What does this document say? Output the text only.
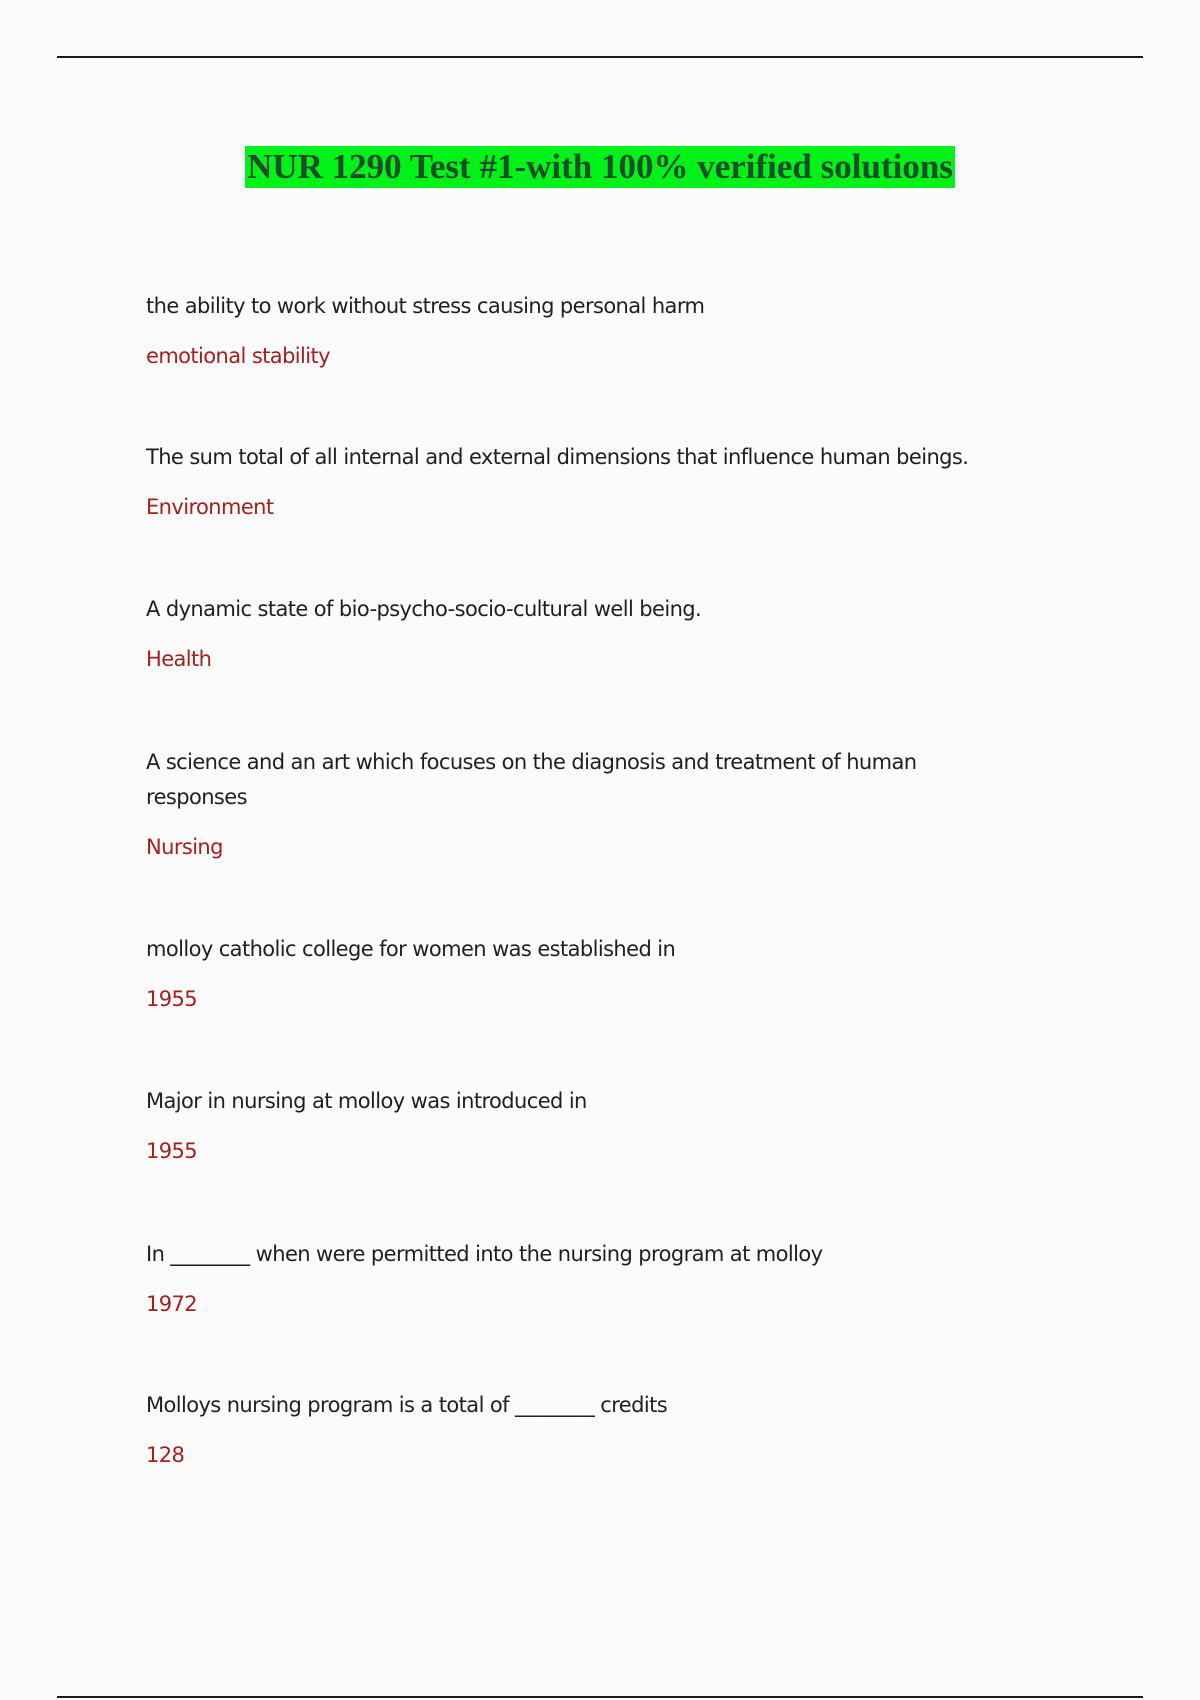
NUR 1290 Test #1-with 100% verified solutions

the ability to work without stress causing personal harm

emotional stability

The sum total of all internal and external dimensions that influence human beings.

Environment

A dynamic state of bio-psycho-socio-cultural well being.

Health

A science and an art which focuses on the diagnosis and treatment of human responses

Nursing

molloy catholic college for women was established in

1955

Major in nursing at molloy was introduced in

1955

In ________ when were permitted into the nursing program at molloy

1972

Molloys nursing program is a total of ________ credits

128
